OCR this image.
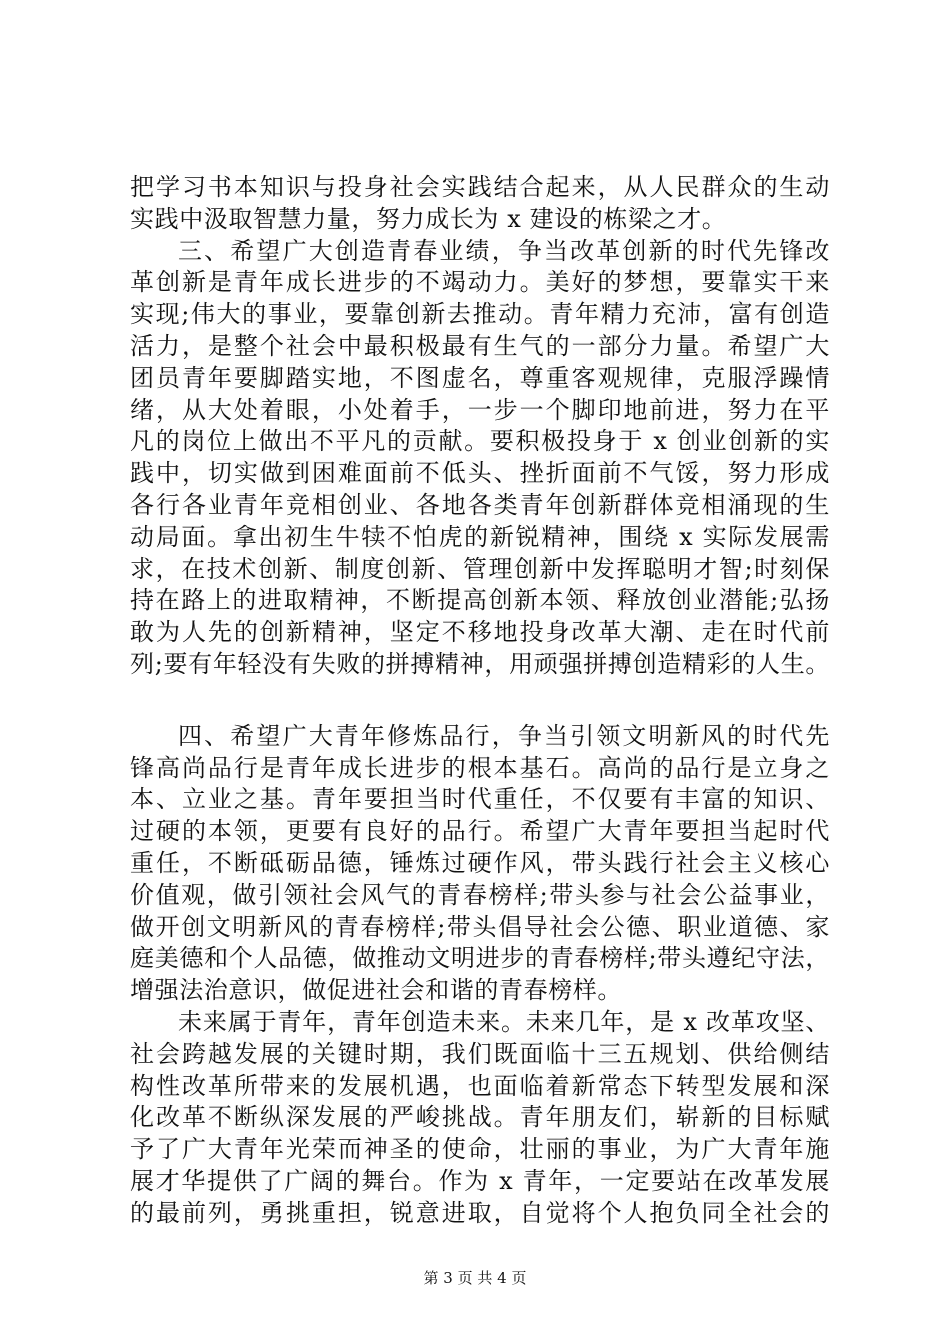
把学习书本知识与投身社会实践结合起来，从人民群众的生动
实践中汲取智慧力量，努力成长为 x 建设的栋梁之才。
三、希望广大创造青春业绩，争当改革创新的时代先锋改
革创新是青年成长进步的不竭动力。美好的梦想，要靠实干来
实现;伟大的事业，要靠创新去推动。青年精力充沛，富有创造
活力，是整个社会中最积极最有生气的一部分力量。希望广大
团员青年要脚踏实地，不图虚名，尊重客观规律，克服浮躁情
绪，从大处着眼，小处着手，一步一个脚印地前进，努力在平
凡的岗位上做出不平凡的贡献。要积极投身于 x 创业创新的实
践中，切实做到困难面前不低头、挫折面前不气馁，努力形成
各行各业青年竞相创业、各地各类青年创新群体竞相涌现的生
动局面。拿出初生牛犊不怕虎的新锐精神，围绕 x 实际发展需
求，在技术创新、制度创新、管理创新中发挥聪明才智;时刻保
持在路上的进取精神，不断提高创新本领、释放创业潜能;弘扬
敢为人先的创新精神，坚定不移地投身改革大潮、走在时代前
列;要有年轻没有失败的拼搏精神，用顽强拼搏创造精彩的人生。
四、希望广大青年修炼品行，争当引领文明新风的时代先
锋高尚品行是青年成长进步的根本基石。高尚的品行是立身之
本、立业之基。青年要担当时代重任，不仅要有丰富的知识、
过硬的本领，更要有良好的品行。希望广大青年要担当起时代
重任，不断砥砺品德，锤炼过硬作风，带头践行社会主义核心
价值观，做引领社会风气的青春榜样;带头参与社会公益事业，
做开创文明新风的青春榜样;带头倡导社会公德、职业道德、家
庭美德和个人品德，做推动文明进步的青春榜样;带头遵纪守法，
增强法治意识，做促进社会和谐的青春榜样。
未来属于青年，青年创造未来。未来几年，是 x 改革攻坚、
社会跨越发展的关键时期，我们既面临十三五规划、供给侧结
构性改革所带来的发展机遇，也面临着新常态下转型发展和深
化改革不断纵深发展的严峻挑战。青年朋友们，崭新的目标赋
予了广大青年光荣而神圣的使命，壮丽的事业，为广大青年施
展才华提供了广阔的舞台。作为 x 青年，一定要站在改革发展
的最前列，勇挑重担，锐意进取，自觉将个人抱负同全社会的
第 3 页 共 4 页
